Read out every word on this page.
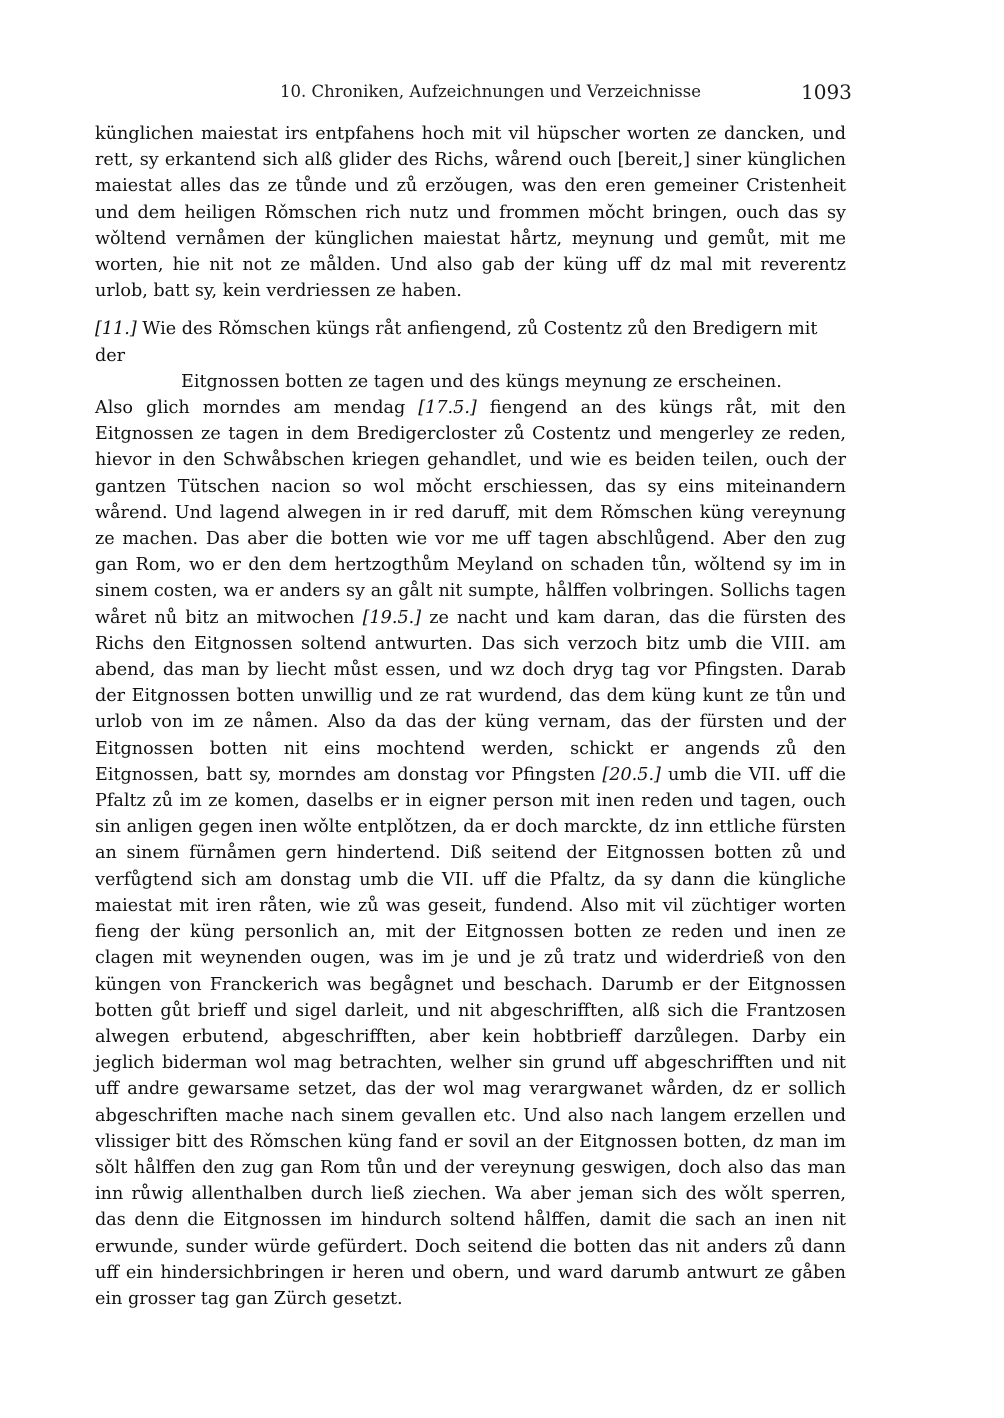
10. Chroniken, Aufzeichnungen und Verzeichnisse	1093

künglichen maiestat irs entpfahens hoch mit vil hüpscher worten ze dancken, und rett, sy erkantend sich alß glider des Richs, wårend ouch [bereit,] siner künglichen maiestat alles das ze tůnde und zů erzǒugen, was den eren gemeiner Cristenheit und dem heiligen Rǒmschen rich nutz und frommen mǒcht bringen, ouch das sy wǒltend vernåmen der künglichen maiestat hårtz, meynung und gemůt, mit me worten, hie nit not ze målden. Und also gab der küng uff dz mal mit reverentz urlob, batt sy, kein verdriessen ze haben.

[11.] Wie des Rǒmschen küngs råt anfiengend, zů Costentz zů den Bredigern mit der

Eitgnossen botten ze tagen und des küngs meynung ze erscheinen.

Also glich morndes am mendag [17.5.] fiengend an des küngs råt, mit den Eitgnossen ze tagen in dem Bredigercloster zů Costentz und mengerley ze reden, hievor in den Schwåbschen kriegen gehandlet, und wie es beiden teilen, ouch der gantzen Tütschen nacion so wol mǒcht erschiessen, das sy eins miteinandern wårend. Und lagend alwegen in ir red daruff, mit dem Rǒmschen küng vereynung ze machen. Das aber die botten wie vor me uff tagen abschlůgend. Aber den zug gan Rom, wo er den dem hertzogthům Meyland on schaden tůn, wǒltend sy im in sinem costen, wa er anders sy an gålt nit sumpte, hålffen volbringen. Sollichs tagen wåret nů bitz an mitwochen [19.5.] ze nacht und kam daran, das die fürsten des Richs den Eitgnossen soltend antwurten. Das sich verzoch bitz umb die VIII. am abend, das man by liecht můst essen, und wz doch dryg tag vor Pfingsten. Darab der Eitgnossen botten unwillig und ze rat wurdend, das dem küng kunt ze tůn und urlob von im ze nåmen. Also da das der küng vernam, das der fürsten und der Eitgnossen botten nit eins mochtend werden, schickt er angends zů den Eitgnossen, batt sy, morndes am donstag vor Pfingsten [20.5.] umb die VII. uff die Pfaltz zů im ze komen, daselbs er in eigner person mit inen reden und tagen, ouch sin anligen gegen inen wǒlte entplǒtzen, da er doch marckte, dz inn ettliche fürsten an sinem fürnåmen gern hindertend. Diß seitend der Eitgnossen botten zů und verfůgtend sich am donstag umb die VII. uff die Pfaltz, da sy dann die küngliche maiestat mit iren råten, wie zů was geseit, fundend. Also mit vil züchtiger worten fieng der küng personlich an, mit der Eitgnossen botten ze reden und inen ze clagen mit weynenden ougen, was im je und je zů tratz und widerdrieß von den küngen von Franckerich was begågnet und beschach. Darumb er der Eitgnossen botten gůt brieff und sigel darleit, und nit abgeschrifften, alß sich die Frantzosen alwegen erbutend, abgeschrifften, aber kein hobtbrieff darzůlegen. Darby ein jeglich biderman wol mag betrachten, welher sin grund uff abgeschrifften und nit uff andre gewarsame setzet, das der wol mag verargwanet wården, dz er sollich abgeschriften mache nach sinem gevallen etc. Und also nach langem erzellen und vlissiger bitt des Rǒmschen küng fand er sovil an der Eitgnossen botten, dz man im sǒlt hålffen den zug gan Rom tůn und der vereynung geswigen, doch also das man inn růwig allenthalben durch ließ ziechen. Wa aber jeman sich des wǒlt sperren, das denn die Eitgnossen im hindurch soltend hålffen, damit die sach an inen nit erwunde, sunder würde gefürdert. Doch seitend die botten das nit anders zů dann uff ein hindersichbringen ir heren und obern, und ward darumb antwurt ze gåben ein grosser tag gan Zürch gesetzt.
